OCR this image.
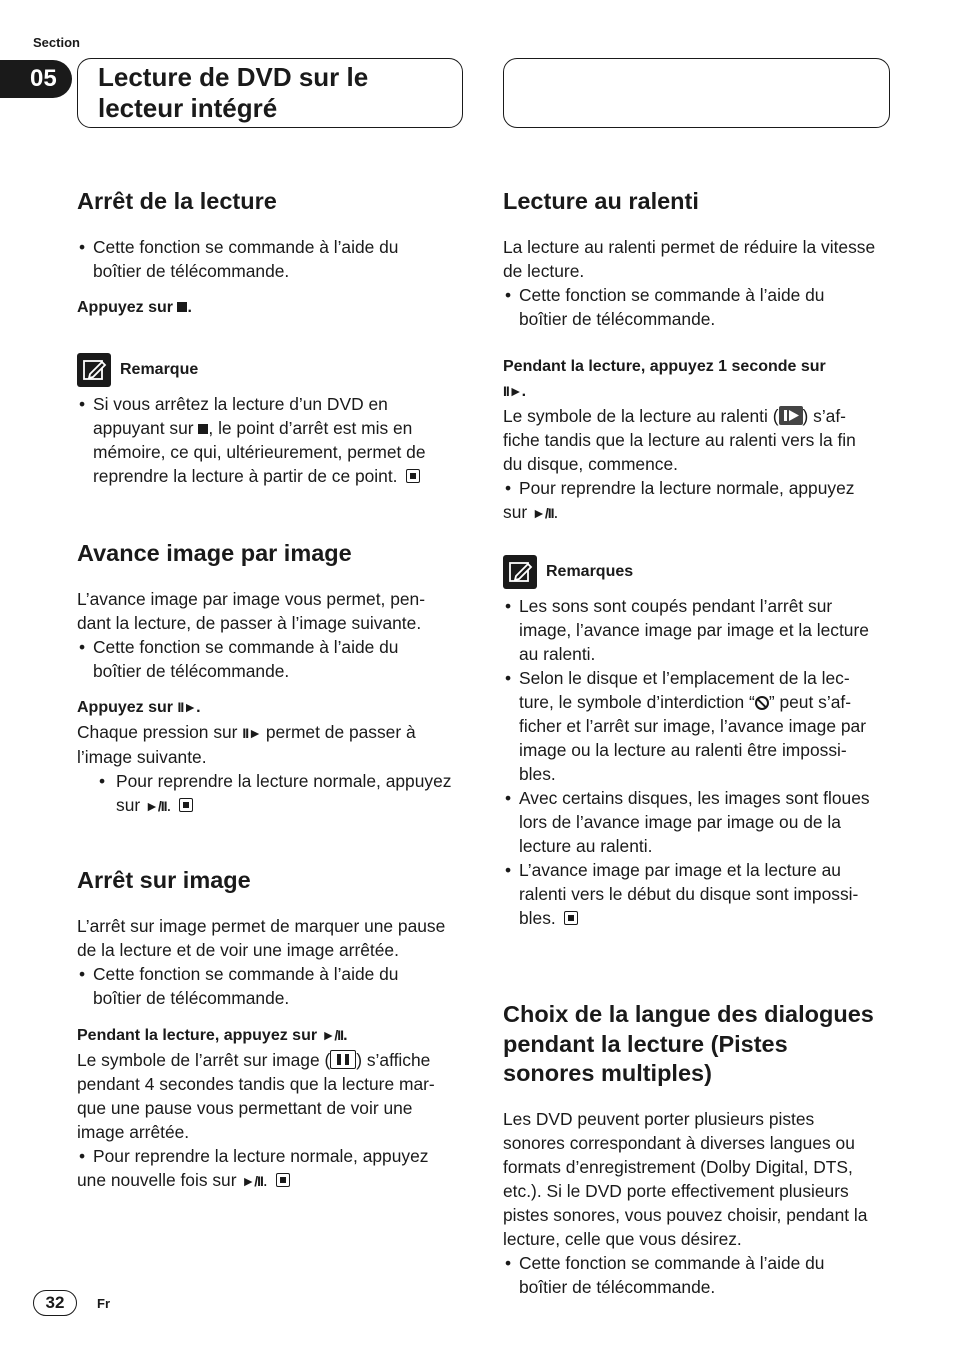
Section
05	Lecture de DVD sur le
lecteur intégré
Arrêt de la lecture

• Cette fonction se commande à l’aide du
boîtier de télécommande.

Appuyez sur .
Remarque

• Si vous arrêtez la lecture d’un DVD en
appuyant sur , le point d’arrêt est mis en
mémoire, ce qui, ultérieurement, permet de
reprendre la lecture à partir de ce point.

Avance image par image

L’avance image par image vous permet, pen-
dant la lecture, de passer à l’image suivante.

• Cette fonction se commande à l’aide du
boîtier de télécommande.

Appuyez sur II►.

Chaque pression sur II► permet de passer à
l’image suivante.

• Pour reprendre la lecture normale, appuyez
sur ►/II.

Arrêt sur image

L’arrêt sur image permet de marquer une pause
de la lecture et de voir une image arrêtée.

• Cette fonction se commande à l’aide du
boîtier de télécommande.

Pendant la lecture, appuyez sur ►/II.

Le symbole de l’arrêt sur image ( ) s’affiche
pendant 4 secondes tandis que la lecture mar-
que une pause vous permettant de voir une
image arrêtée.

• Pour reprendre la lecture normale, appuyez
une nouvelle fois sur ►/II.

Lecture au ralenti

La lecture au ralenti permet de réduire la vitesse
de lecture.

• Cette fonction se commande à l’aide du
boîtier de télécommande.

Pendant la lecture, appuyez 1 seconde sur
II►.

Le symbole de la lecture au ralenti ( ) s’af-
fiche tandis que la lecture au ralenti vers la fin
du disque, commence.

• Pour reprendre la lecture normale, appuyez
sur ►/II.

Remarques

• Les sons sont coupés pendant l’arrêt sur
image, l’avance image par image et la lecture
au ralenti.

• Selon le disque et l’emplacement de la lec-
ture, le symbole d’interdiction “ ” peut s’af-
ficher et l’arrêt sur image, l’avance image par
image ou la lecture au ralenti être impossi-
bles.

• Avec certains disques, les images sont floues
lors de l’avance image par image ou de la
lecture au ralenti.

• L’avance image par image et la lecture au
ralenti vers le début du disque sont impossi-
bles.

Choix de la langue des dialogues
pendant la lecture (Pistes
sonores multiples)

Les DVD peuvent porter plusieurs pistes
sonores correspondant à diverses langues ou
formats d’enregistrement (Dolby Digital, DTS,
etc.). Si le DVD porte effectivement plusieurs
pistes sonores, vous pouvez choisir, pendant la
lecture, celle que vous désirez.

• Cette fonction se commande à l’aide du
boîtier de télécommande.

32	Fr
